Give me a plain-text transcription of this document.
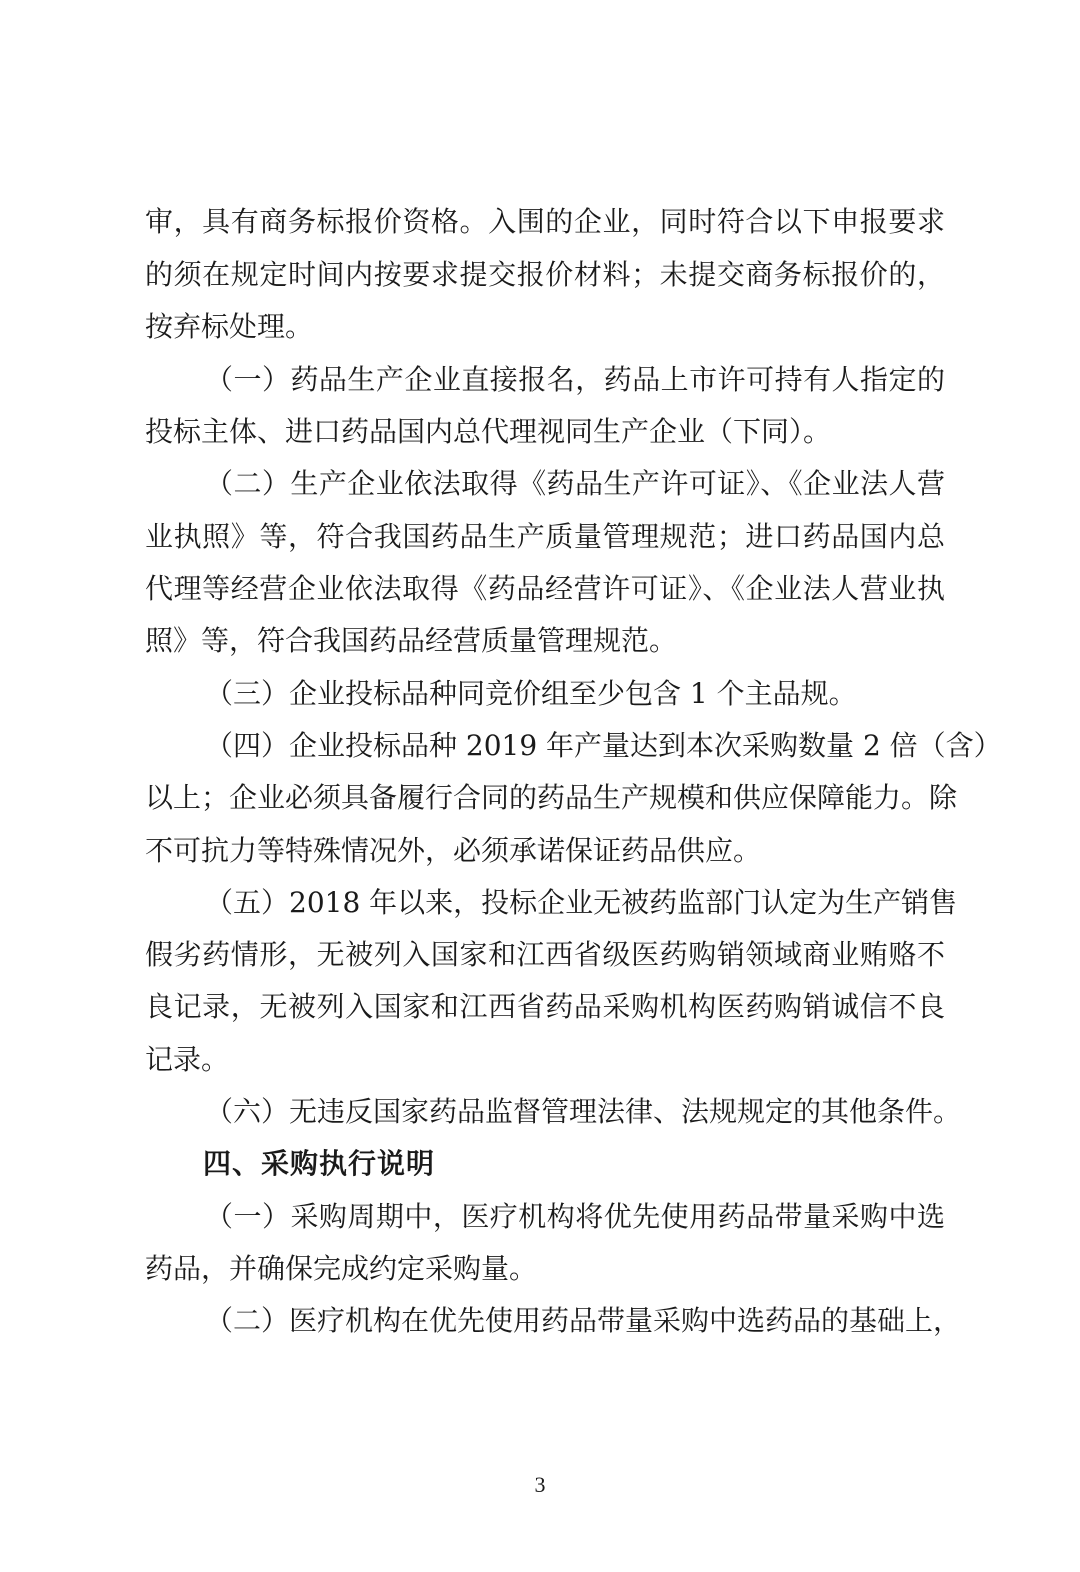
审，具有商务标报价资格。入围的企业，同时符合以下申报要求
的须在规定时间内按要求提交报价材料；未提交商务标报价的，
按弃标处理。
（一）药品生产企业直接报名，药品上市许可持有人指定的
投标主体、进口药品国内总代理视同生产企业（下同）。
（二）生产企业依法取得《药品生产许可证》、《企业法人营
业执照》等，符合我国药品生产质量管理规范；进口药品国内总
代理等经营企业依法取得《药品经营许可证》、《企业法人营业执
照》等，符合我国药品经营质量管理规范。
（三）企业投标品种同竞价组至少包含 1 个主品规。
（四）企业投标品种 2019 年产量达到本次采购数量 2 倍（含）
以上；企业必须具备履行合同的药品生产规模和供应保障能力。除
不可抗力等特殊情况外，必须承诺保证药品供应。
（五）2018 年以来，投标企业无被药监部门认定为生产销售
假劣药情形，无被列入国家和江西省级医药购销领域商业贿赂不
良记录，无被列入国家和江西省药品采购机构医药购销诚信不良
记录。
（六）无违反国家药品监督管理法律、法规规定的其他条件。
四、采购执行说明
（一）采购周期中，医疗机构将优先使用药品带量采购中选
药品，并确保完成约定采购量。
（二）医疗机构在优先使用药品带量采购中选药品的基础上，
3
